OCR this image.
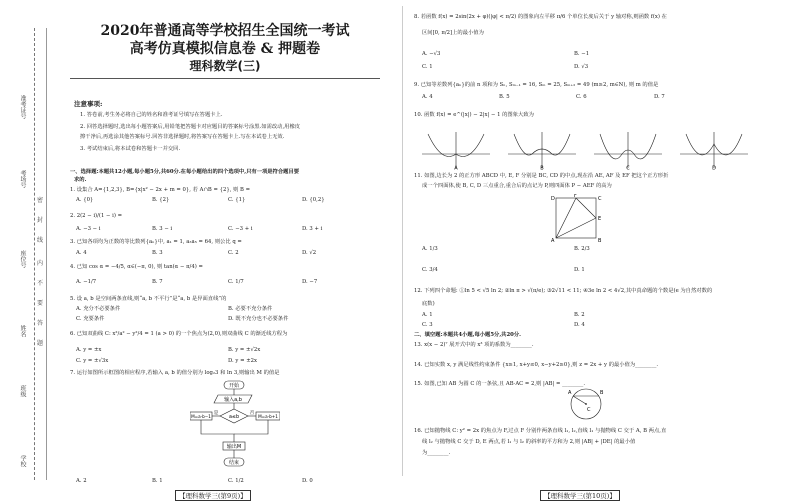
准考证号
考场号
座位号
姓名
班级
学校
密
封
线
内
不
要
答
题
2020年普通高等学校招生全国统一考试
高考仿真模拟信息卷 & 押题卷
理科数学(三)
注意事项:
1. 答卷前,考生务必将自己的姓名和准考证号填写在答题卡上.
2. 回答选择题时,选出每小题答案后,用铅笔把答题卡对应题目的答案标号涂黑.如需改动,用橡皮
擦干净后,再选涂其他答案标号.回答非选择题时,将答案写在答题卡上.写在本试卷上无效.
3. 考试结束后,将本试卷和答题卡一并交回.
一、选择题:本题共12小题,每小题5分,共60分.在每小题给出的四个选项中,只有一项是符合题目要
求的.
1. 设集合 A={1,2,3}, B={x|x² − 2x + m = 0}, 若 A∩B = {2}, 则 B =
A. {0}	B. {2}	C. {1}	D. {0,2}
2. 2(2 − i)/(1 − i) =
A. −3 − i	B. 3 − i	C. −3 + i	D. 3 + i
3. 已知各项均为正数的等比数列{aₙ}中, a₁ = 1, a₃a₅ = 64, 则公比 q =
A. 4	B. 3	C. 2	D. √2
4. 已知 cos α = −4/5, α∈(−π, 0), 则 tan(α − π/4) =
A. −1/7	B. 7	C. 1/7	D. −7
5. 设 a, b 是空间两条直线,则“a, b 不平行”是“a, b 是异面直线”的
A. 充分不必要条件	B. 必要不充分条件
C. 充要条件	D. 既不充分也不必要条件
6. 已知双曲线 C: x²/a² − y²/4 = 1 (a > 0) 的一个焦点为(2,0),则双曲线 C 的渐近线方程为
A. y = ±x	B. y = ±√2x
C. y = ±√3x	D. y = ±2x
7. 运行如图所示框图的相应程序,若输入 a, b 的值分别为 log₂3 和 ln 3,则输出 M 的值是
开始
输入a,b
a≤b
是	否
M=a·b−1	M=a·b+1
输出M
结束
A. 2	B. 1	C. 1/2	D. 0
8. 若函数 f(x) = 2sin(2x + φ)(|φ| < π/2) 的图象向左平移 π/6 个单位长度后关于 y 轴对称,则函数 f(x) 在
区间[0, π/2]上的最小值为
A. −√3	B. −1
C. 1	D. √3
9. 已知等差数列{aₙ}的前 n 项和为 Sₙ, Sₘ₋₁ = 16, Sₘ = 25, Sₘ₊₂ = 49 (m≥2, m∈N), 则 m 的值是
A. 4	B. 5	C. 6	D. 7
10. 函数 f(x) = e^(|x|) − 2|x| − 1 的图象大致为
A	B	C	D
11. 如图,边长为 2 的正方形 ABCD 中, E, F 分别是 BC, CD 的中点,现在沿 AE, AF 及 EF 把这个正方形折
成一个四面体,使 B, C, D 三点重合,重合后的点记为 P,则四面体 P − AEF 的高为
A
D	C
B
E
F
A. 1/3	B. 2/3
C. 3/4	D. 1
12. 下列四个命题: ①ln 5 < √5 ln 2; ②ln π > √(π/e); ③2√11 < 11; ④3e ln 2 < 4√2,其中真命题的个数是(e 为自然对数的
底数)
A. 1	B. 2
C. 3	D. 4
二、填空题:本题共4小题,每小题5分,共20分.
13. x(x − 2)⁷ 展开式中的 x³ 项的系数为________.
14. 已知实数 x, y 满足线性约束条件 {x≥1, x+y≤0, x−y+2≥0},则 z = 2x + y 的最小值为________.
15. 如图,已知 AB 为圆 C 的一条弦,且 AB·AC = 2,则 |AB| = ________.
A	B
C
16. 已知抛物线 C: y² = 2x 的焦点为 F,过点 F 分别作两条直线 l₁, l₂,直线 l₁ 与抛物线 C 交于 A, B 两点,直
线 l₂ 与抛物线 C 交于 D, E 两点,若 l₁ 与 l₂ 的斜率的平方和为 2,则 |AB| + |DE| 的最小值
为________.
【理科数学三(第9页)】	【理科数学三(第10页)】
